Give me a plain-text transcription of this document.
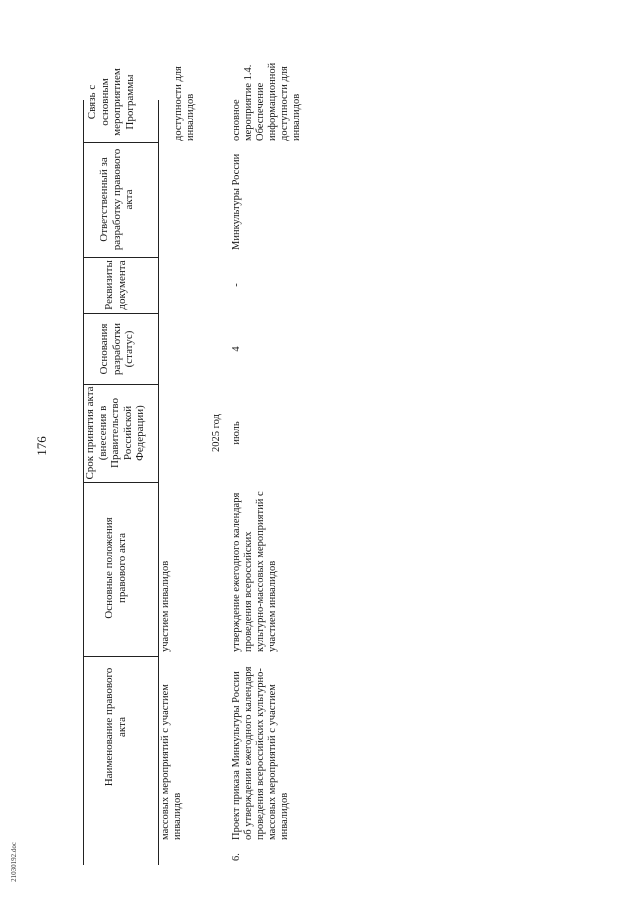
176
21030192.doc
Наименование правового акта
Основные положения правового акта
Срок принятия акта (внесения в Правительство Российской Федерации)
Основания разработки (статус)
Реквизиты документа
Ответственный за разработку правового акта
Связь с основным мероприятием Программы
массовых мероприятий с участием инвалидов
участием инвалидов
доступности для инвалидов
2025 год
6.
Проект приказа Минкультуры России об утверждении ежегодного календаря проведения всероссийских культурно-массовых мероприятий с участием инвалидов
утверждение ежегодного календаря проведения всероссийских культурно-массовых мероприятий с участием инвалидов
июль
4
-
Минкультуры России
основное мероприятие 1.4. Обеспечение информационной доступности для инвалидов
